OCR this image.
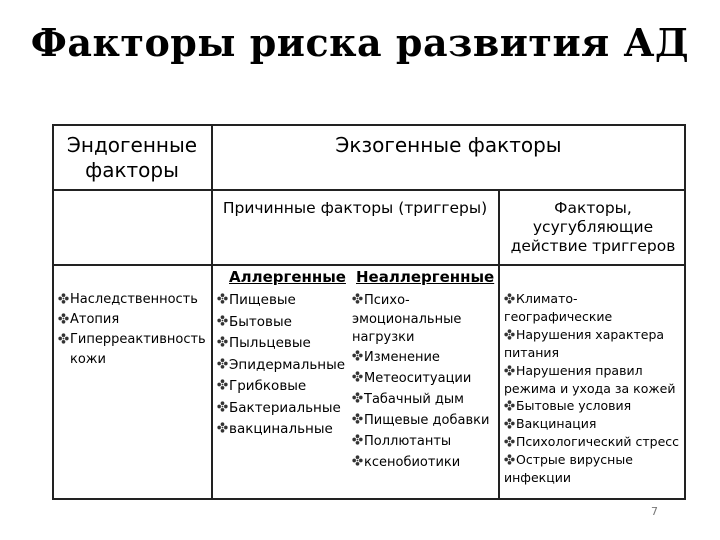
Факторы риска развития АД
Эндогенные факторы
Экзогенные факторы
Причинные факторы (триггеры)	Факторы, усугубляющие действие триггеров
Наследственность
Атопия
Гиперреактивность
кожи
Аллергенные
Пищевые
Бытовые
Пыльцевые
Эпидермальные
Грибковые
Бактериальные
вакцинальные
Неаллергенные
Психо-
эмоциональные
нагрузки
Изменение
Метеоситуации
Табачный дым
Пищевые добавки
Поллютанты
ксенобиотики
Климато-
географические
Нарушения характера
питания
Нарушения правил
режима и ухода за кожей
Бытовые условия
Вакцинация
Психологический стресс
Острые вирусные
инфекции
7
